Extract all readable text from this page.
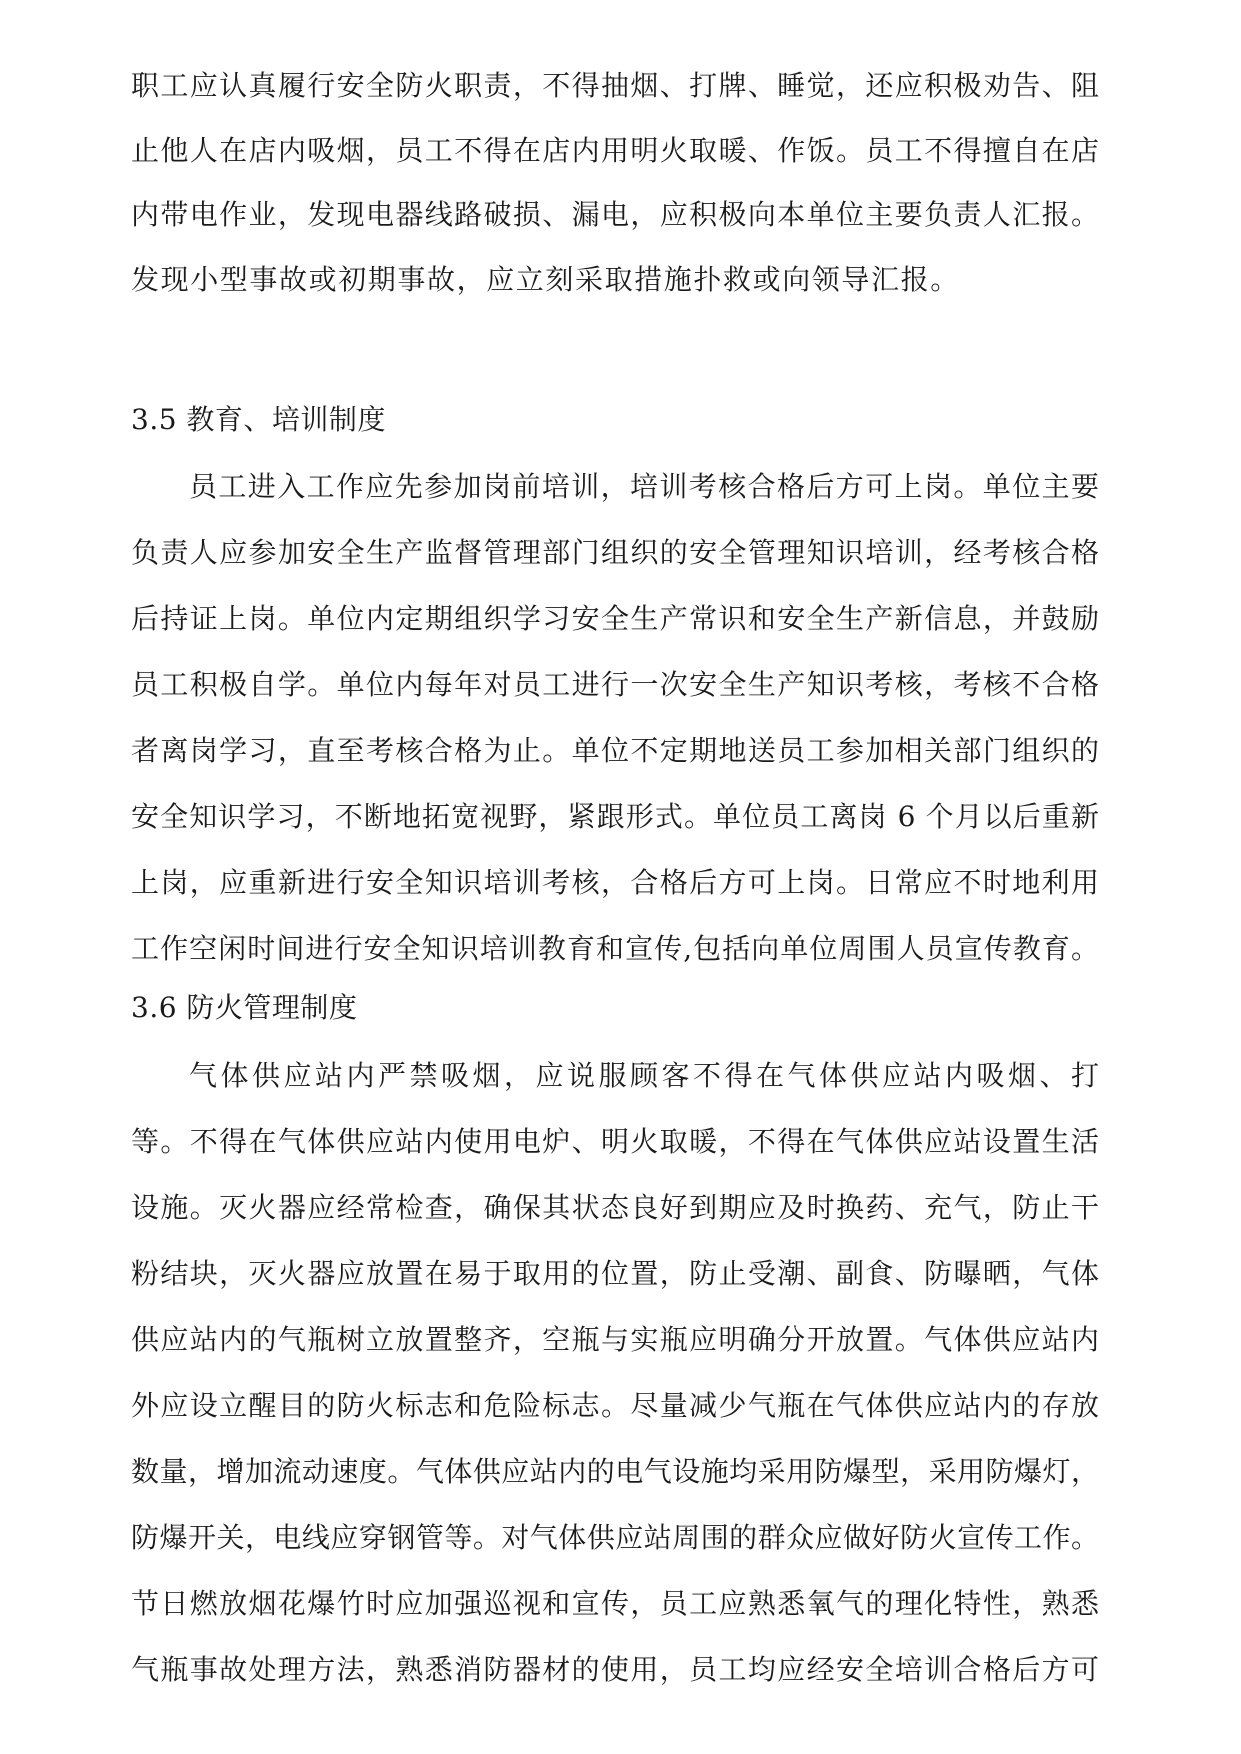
职工应认真履行安全防火职责，不得抽烟、打牌、睡觉，还应积极劝告、阻
止他人在店内吸烟，员工不得在店内用明火取暖、作饭。员工不得擅自在店
内带电作业，发现电器线路破损、漏电，应积极向本单位主要负责人汇报。
发现小型事故或初期事故，应立刻采取措施扑救或向领导汇报。
3.5 教育、培训制度
员工进入工作应先参加岗前培训，培训考核合格后方可上岗。单位主要
负责人应参加安全生产监督管理部门组织的安全管理知识培训，经考核合格
后持证上岗。单位内定期组织学习安全生产常识和安全生产新信息，并鼓励
员工积极自学。单位内每年对员工进行一次安全生产知识考核，考核不合格
者离岗学习，直至考核合格为止。单位不定期地送员工参加相关部门组织的
安全知识学习，不断地拓宽视野，紧跟形式。单位员工离岗 6 个月以后重新
上岗，应重新进行安全知识培训考核，合格后方可上岗。日常应不时地利用
工作空闲时间进行安全知识培训教育和宣传,包括向单位周围人员宣传教育。
3.6 防火管理制度
气体供应站内严禁吸烟，应说服顾客不得在气体供应站内吸烟、打
等。不得在气体供应站内使用电炉、明火取暖，不得在气体供应站设置生活
设施。灭火器应经常检查，确保其状态良好到期应及时换药、充气，防止干
粉结块，灭火器应放置在易于取用的位置，防止受潮、副食、防曝晒，气体
供应站内的气瓶树立放置整齐，空瓶与实瓶应明确分开放置。气体供应站内
外应设立醒目的防火标志和危险标志。尽量减少气瓶在气体供应站内的存放
数量，增加流动速度。气体供应站内的电气设施均采用防爆型，采用防爆灯，
防爆开关，电线应穿钢管等。对气体供应站周围的群众应做好防火宣传工作。
节日燃放烟花爆竹时应加强巡视和宣传，员工应熟悉氧气的理化特性，熟悉
气瓶事故处理方法，熟悉消防器材的使用，员工均应经安全培训合格后方可
